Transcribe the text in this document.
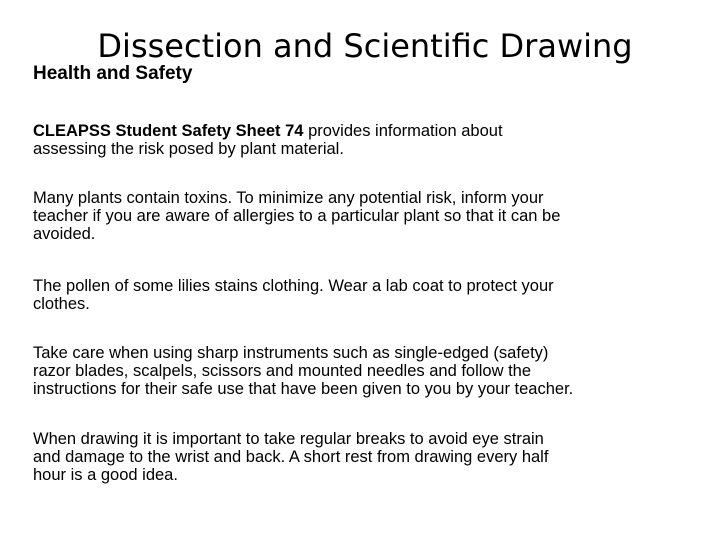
Dissection and Scientific Drawing
Health and Safety
CLEAPSS Student Safety Sheet 74 provides information about
assessing the risk posed by plant material.
Many plants contain toxins. To minimize any potential risk, inform your
teacher if you are aware of allergies to a particular plant so that it can be
avoided.
The pollen of some lilies stains clothing. Wear a lab coat to protect your
clothes.
Take care when using sharp instruments such as single-edged (safety)
razor blades, scalpels, scissors and mounted needles and follow the
instructions for their safe use that have been given to you by your teacher.
When drawing it is important to take regular breaks to avoid eye strain
and damage to the wrist and back. A short rest from drawing every half
hour is a good idea.
